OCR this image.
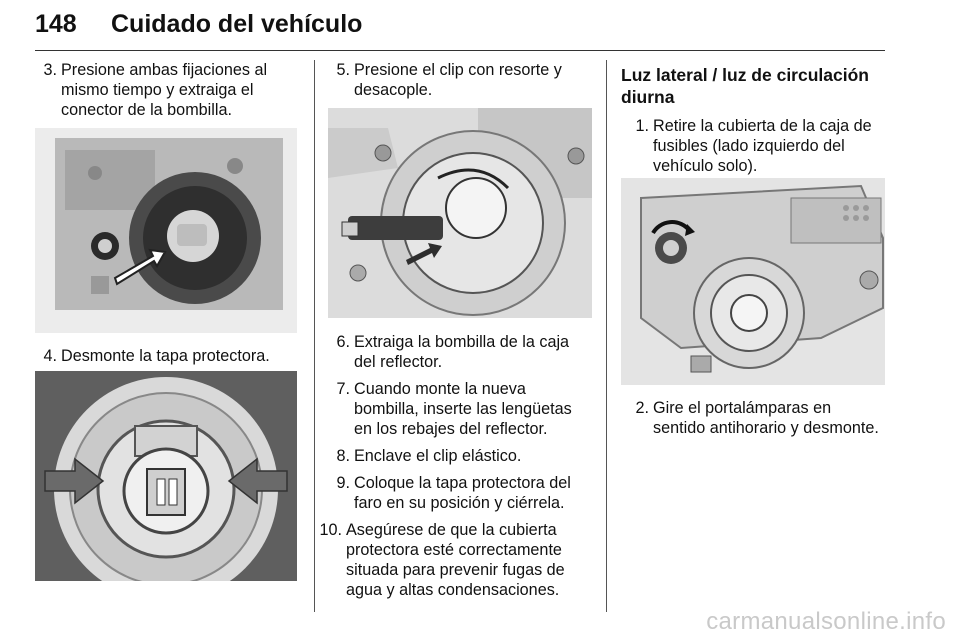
148 Cuidado del vehículo

3. Presione ambas fijaciones al mismo tiempo y extraiga el conector de la bombilla.

4. Desmonte la tapa protectora.

5. Presione el clip con resorte y desacople.

6. Extraiga la bombilla de la caja del reflector.

7. Cuando monte la nueva bombilla, inserte las lengüetas en los rebajes del reflector.

8. Enclave el clip elástico.

9. Coloque la tapa protectora del faro en su posición y ciérrela.

10. Asegúrese de que la cubierta protectora esté correctamente situada para prevenir fugas de agua y altas condensaciones.

Luz lateral / luz de circulación diurna

1. Retire la cubierta de la caja de fusibles (lado izquierdo del vehículo solo).

2. Gire el portalámparas en sentido antihorario y desmonte.

carmanualsonline.info
